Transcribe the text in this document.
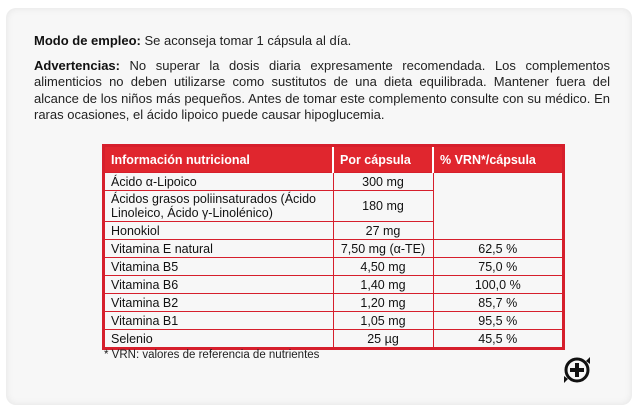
Modo de empleo: Se aconseja tomar 1 cápsula al día.
Advertencias: No superar la dosis diaria expresamente recomendada. Los complementos alimenticios no deben utilizarse como sustitutos de una dieta equilibrada. Mantener fuera del alcance de los niños más pequeños. Antes de tomar este complemento consulte con su médico. En raras ocasiones, el ácido lipoico puede causar hipoglucemia.
Información nutricional	Por cápsula	% VRN*/cápsula
Ácido α-Lipoico	300 mg	
Ácidos grasos poliinsaturados (Ácido Linoleico, Ácido γ-Linolénico)	180 mg	
Honokiol	27 mg	
Vitamina E natural	7,50 mg (α-TE)	62,5 %
Vitamina B5	4,50 mg	75,0 %
Vitamina B6	1,40 mg	100,0 %
Vitamina B2	1,20 mg	85,7 %
Vitamina B1	1,05 mg	95,5 %
Selenio	25 µg	45,5 %
* VRN: valores de referencia de nutrientes
